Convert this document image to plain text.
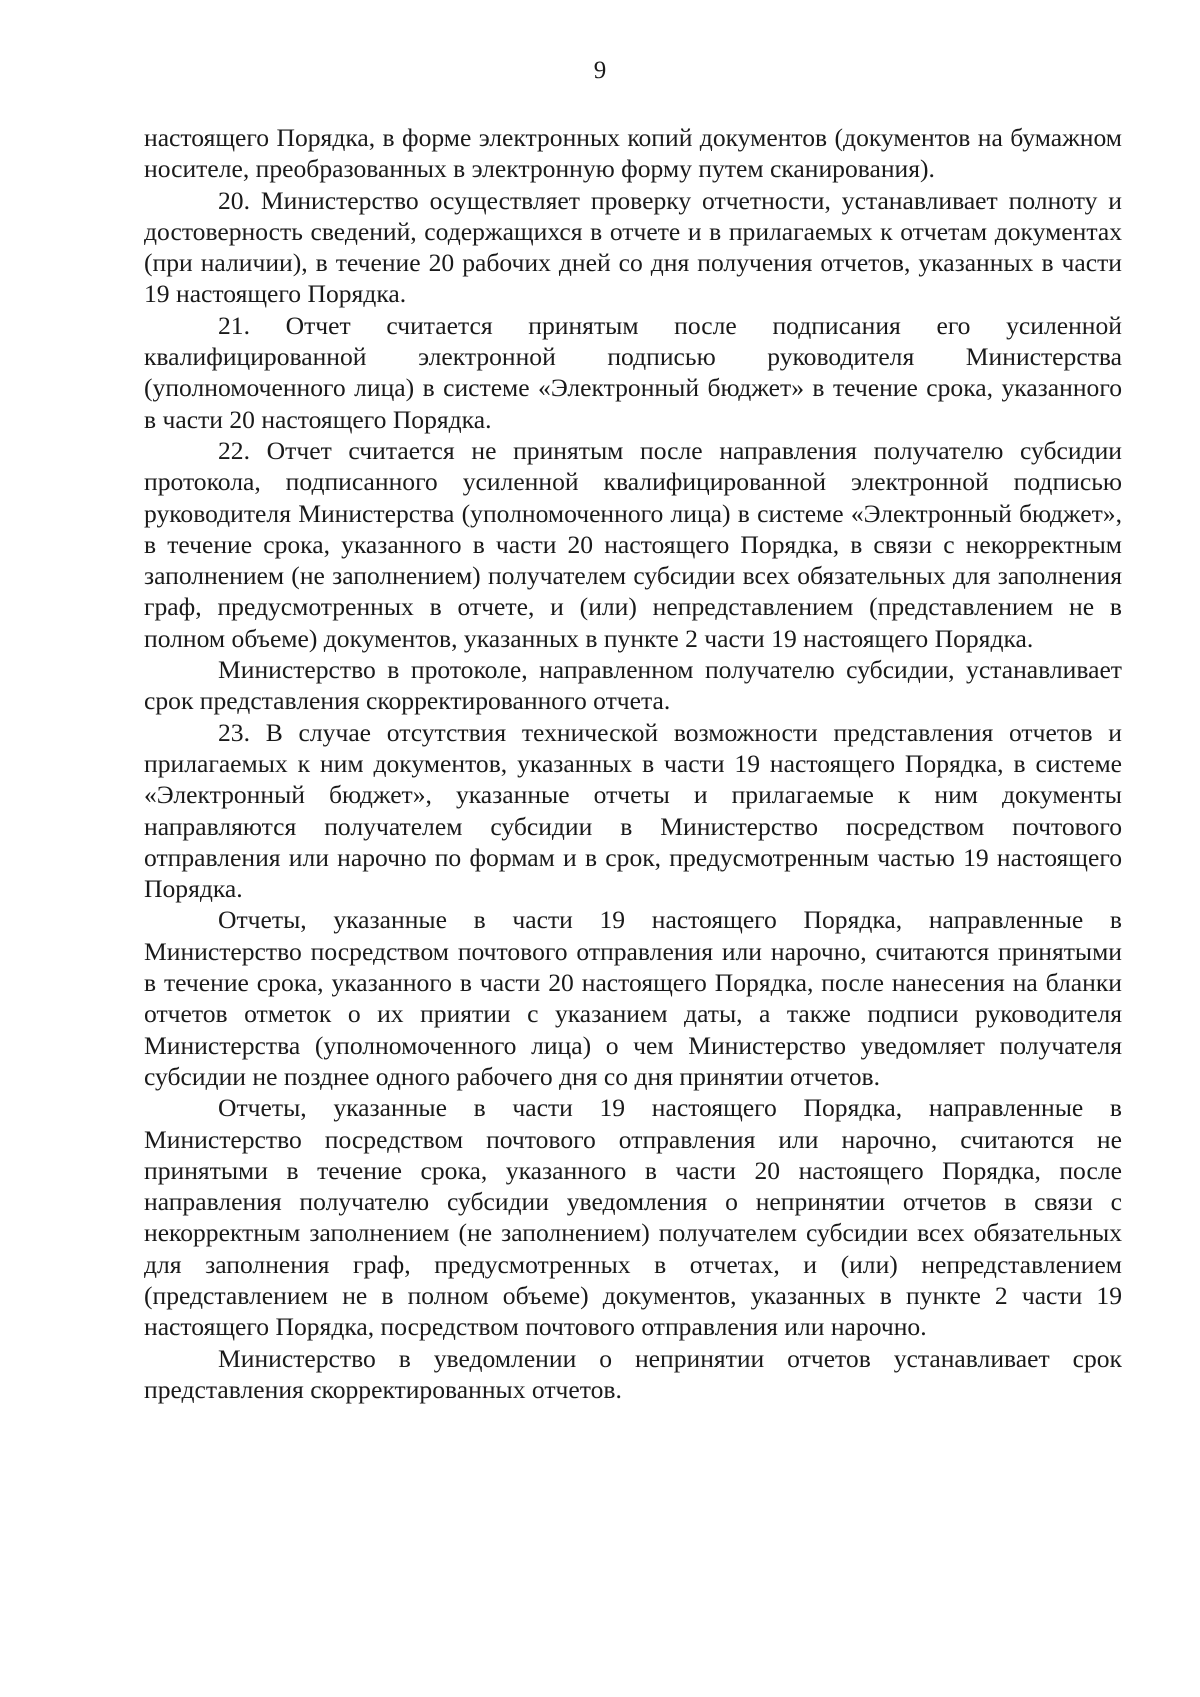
9

настоящего Порядка, в форме электронных копий документов (документов на бумажном носителе, преобразованных в электронную форму путем сканирования).

20. Министерство осуществляет проверку отчетности, устанавливает полноту и достоверность сведений, содержащихся в отчете и в прилагаемых к отчетам документах (при наличии), в течение 20 рабочих дней со дня получения отчетов, указанных в части 19 настоящего Порядка.

21. Отчет считается принятым после подписания его усиленной квалифицированной электронной подписью руководителя Министерства (уполномоченного лица) в системе «Электронный бюджет» в течение срока, указанного в части 20 настоящего Порядка.

22. Отчет считается не принятым после направления получателю субсидии протокола, подписанного усиленной квалифицированной электронной подписью руководителя Министерства (уполномоченного лица) в системе «Электронный бюджет», в течение срока, указанного в части 20 настоящего Порядка, в связи с некорректным заполнением (не заполнением) получателем субсидии всех обязательных для заполнения граф, предусмотренных в отчете, и (или) непредставлением (представлением не в полном объеме) документов, указанных в пункте 2 части 19 настоящего Порядка.

Министерство в протоколе, направленном получателю субсидии, устанавливает срок представления скорректированного отчета.

23. В случае отсутствия технической возможности представления отчетов и прилагаемых к ним документов, указанных в части 19 настоящего Порядка, в системе «Электронный бюджет», указанные отчеты и прилагаемые к ним документы направляются получателем субсидии в Министерство посредством почтового отправления или нарочно по формам и в срок, предусмотренным частью 19 настоящего Порядка.

Отчеты, указанные в части 19 настоящего Порядка, направленные в Министерство посредством почтового отправления или нарочно, считаются принятыми в течение срока, указанного в части 20 настоящего Порядка, после нанесения на бланки отчетов отметок о их приятии с указанием даты, а также подписи руководителя Министерства (уполномоченного лица) о чем Министерство уведомляет получателя субсидии не позднее одного рабочего дня со дня принятии отчетов.

Отчеты, указанные в части 19 настоящего Порядка, направленные в Министерство посредством почтового отправления или нарочно, считаются не принятыми в течение срока, указанного в части 20 настоящего Порядка, после направления получателю субсидии уведомления о непринятии отчетов в связи с некорректным заполнением (не заполнением) получателем субсидии всех обязательных для заполнения граф, предусмотренных в отчетах, и (или) непредставлением (представлением не в полном объеме) документов, указанных в пункте 2 части 19 настоящего Порядка, посредством почтового отправления или нарочно.

Министерство в уведомлении о непринятии отчетов устанавливает срок представления скорректированных отчетов.
